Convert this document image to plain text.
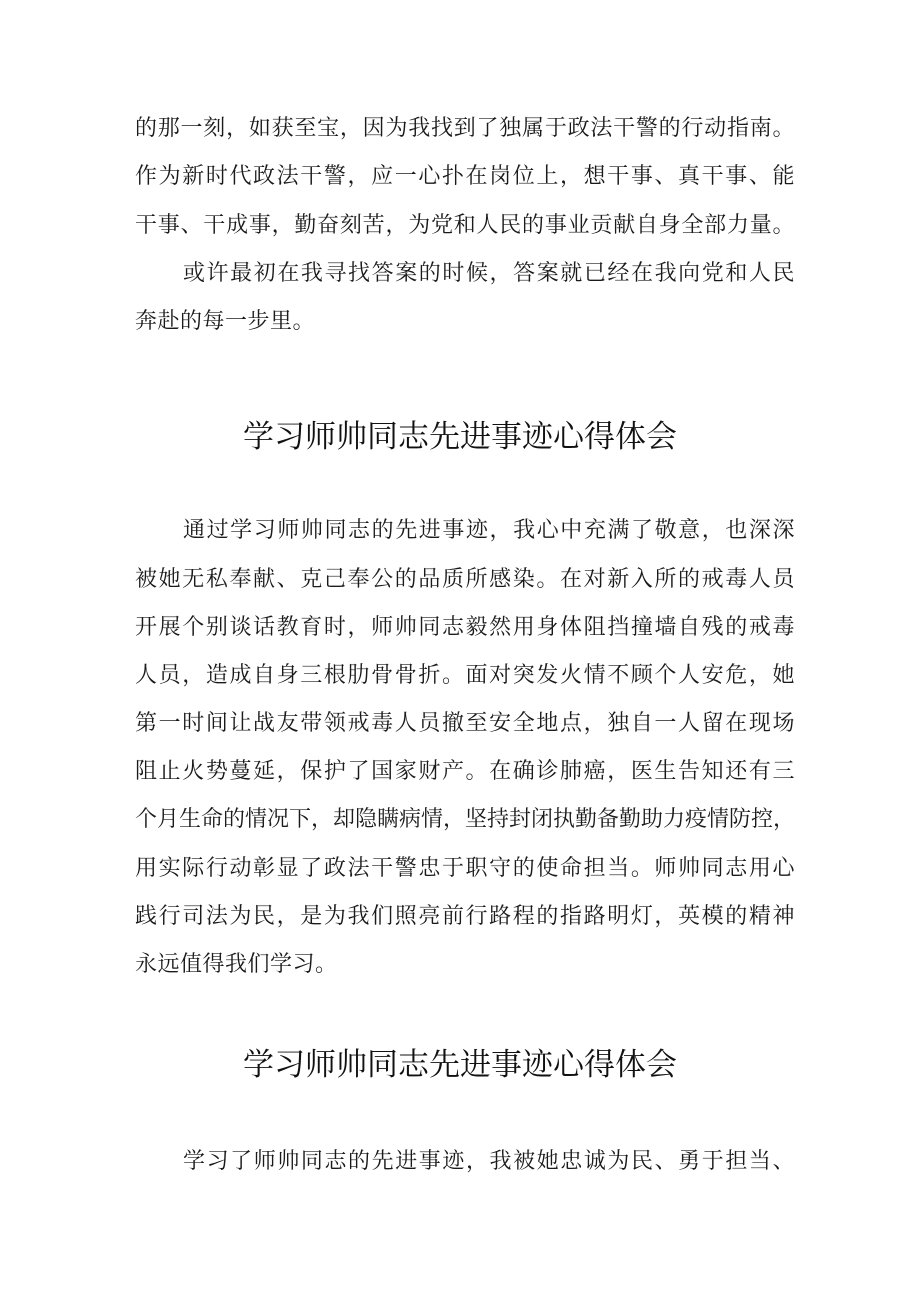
的那一刻，如获至宝，因为我找到了独属于政法干警的行动指南。
作为新时代政法干警，应一心扑在岗位上，想干事、真干事、能
干事、干成事，勤奋刻苦，为党和人民的事业贡献自身全部力量。
或许最初在我寻找答案的时候，答案就已经在我向党和人民
奔赴的每一步里。
学习师帅同志先进事迹心得体会
通过学习师帅同志的先进事迹，我心中充满了敬意，也深深
被她无私奉献、克己奉公的品质所感染。在对新入所的戒毒人员
开展个别谈话教育时，师帅同志毅然用身体阻挡撞墙自残的戒毒
人员，造成自身三根肋骨骨折。面对突发火情不顾个人安危，她
第一时间让战友带领戒毒人员撤至安全地点，独自一人留在现场
阻止火势蔓延，保护了国家财产。在确诊肺癌，医生告知还有三
个月生命的情况下，却隐瞒病情，坚持封闭执勤备勤助力疫情防控，
用实际行动彰显了政法干警忠于职守的使命担当。师帅同志用心
践行司法为民，是为我们照亮前行路程的指路明灯，英模的精神
永远值得我们学习。
学习师帅同志先进事迹心得体会
学习了师帅同志的先进事迹，我被她忠诚为民、勇于担当、
